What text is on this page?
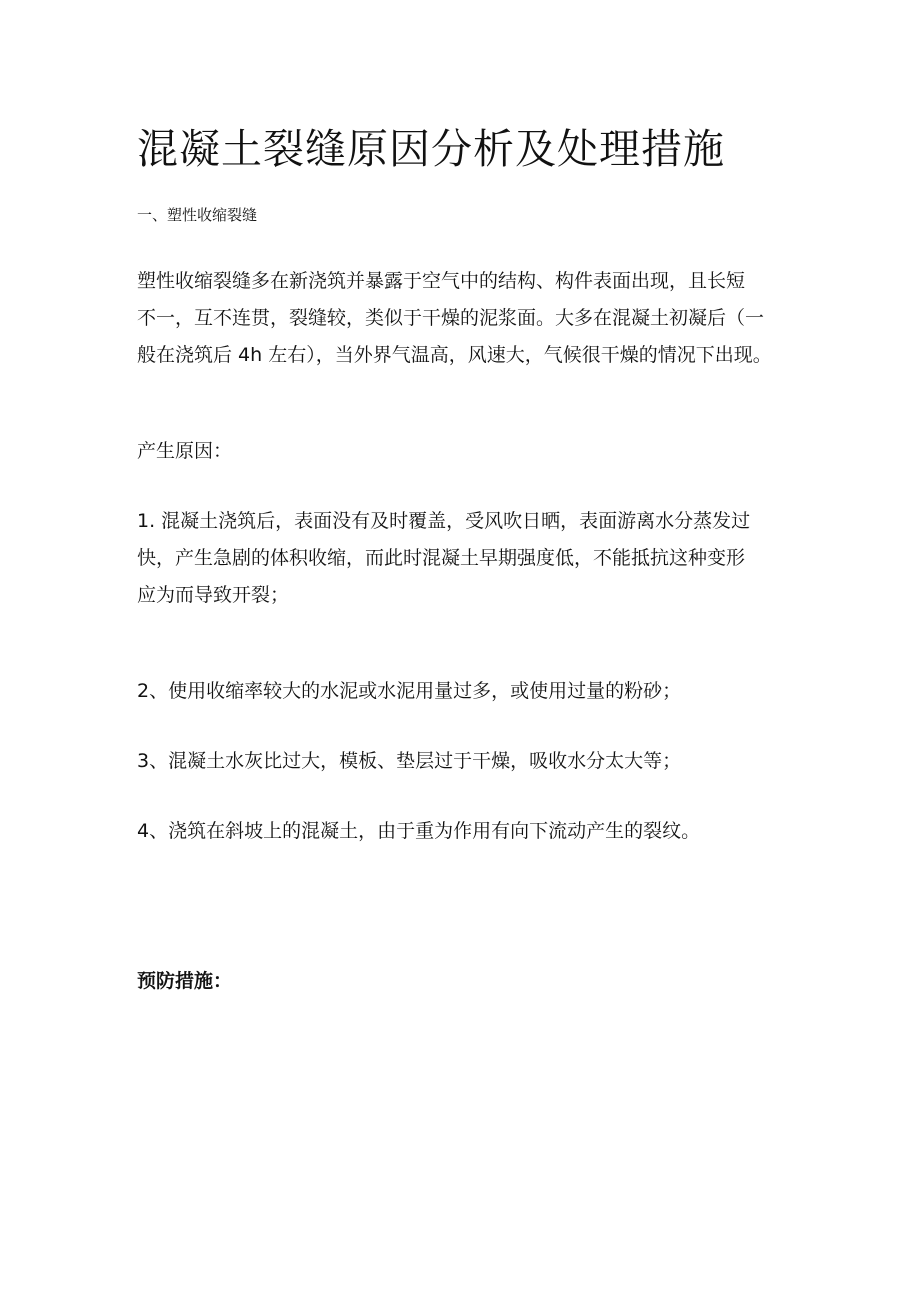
混凝土裂缝原因分析及处理措施

一、塑性收缩裂缝

塑性收缩裂缝多在新浇筑并暴露于空气中的结构、构件表面出现，且长短
不一，互不连贯，裂缝较，类似于干燥的泥浆面。大多在混凝土初凝后（一
般在浇筑后 4h 左右），当外界气温高，风速大，气候很干燥的情况下出现。

产生原因：

1. 混凝土浇筑后，表面没有及时覆盖，受风吹日晒，表面游离水分蒸发过
快，产生急剧的体积收缩，而此时混凝土早期强度低，不能抵抗这种变形
应为而导致开裂；

2、使用收缩率较大的水泥或水泥用量过多，或使用过量的粉砂；

3、混凝土水灰比过大，模板、垫层过于干燥，吸收水分太大等；

4、浇筑在斜坡上的混凝土，由于重为作用有向下流动产生的裂纹。

预防措施：
